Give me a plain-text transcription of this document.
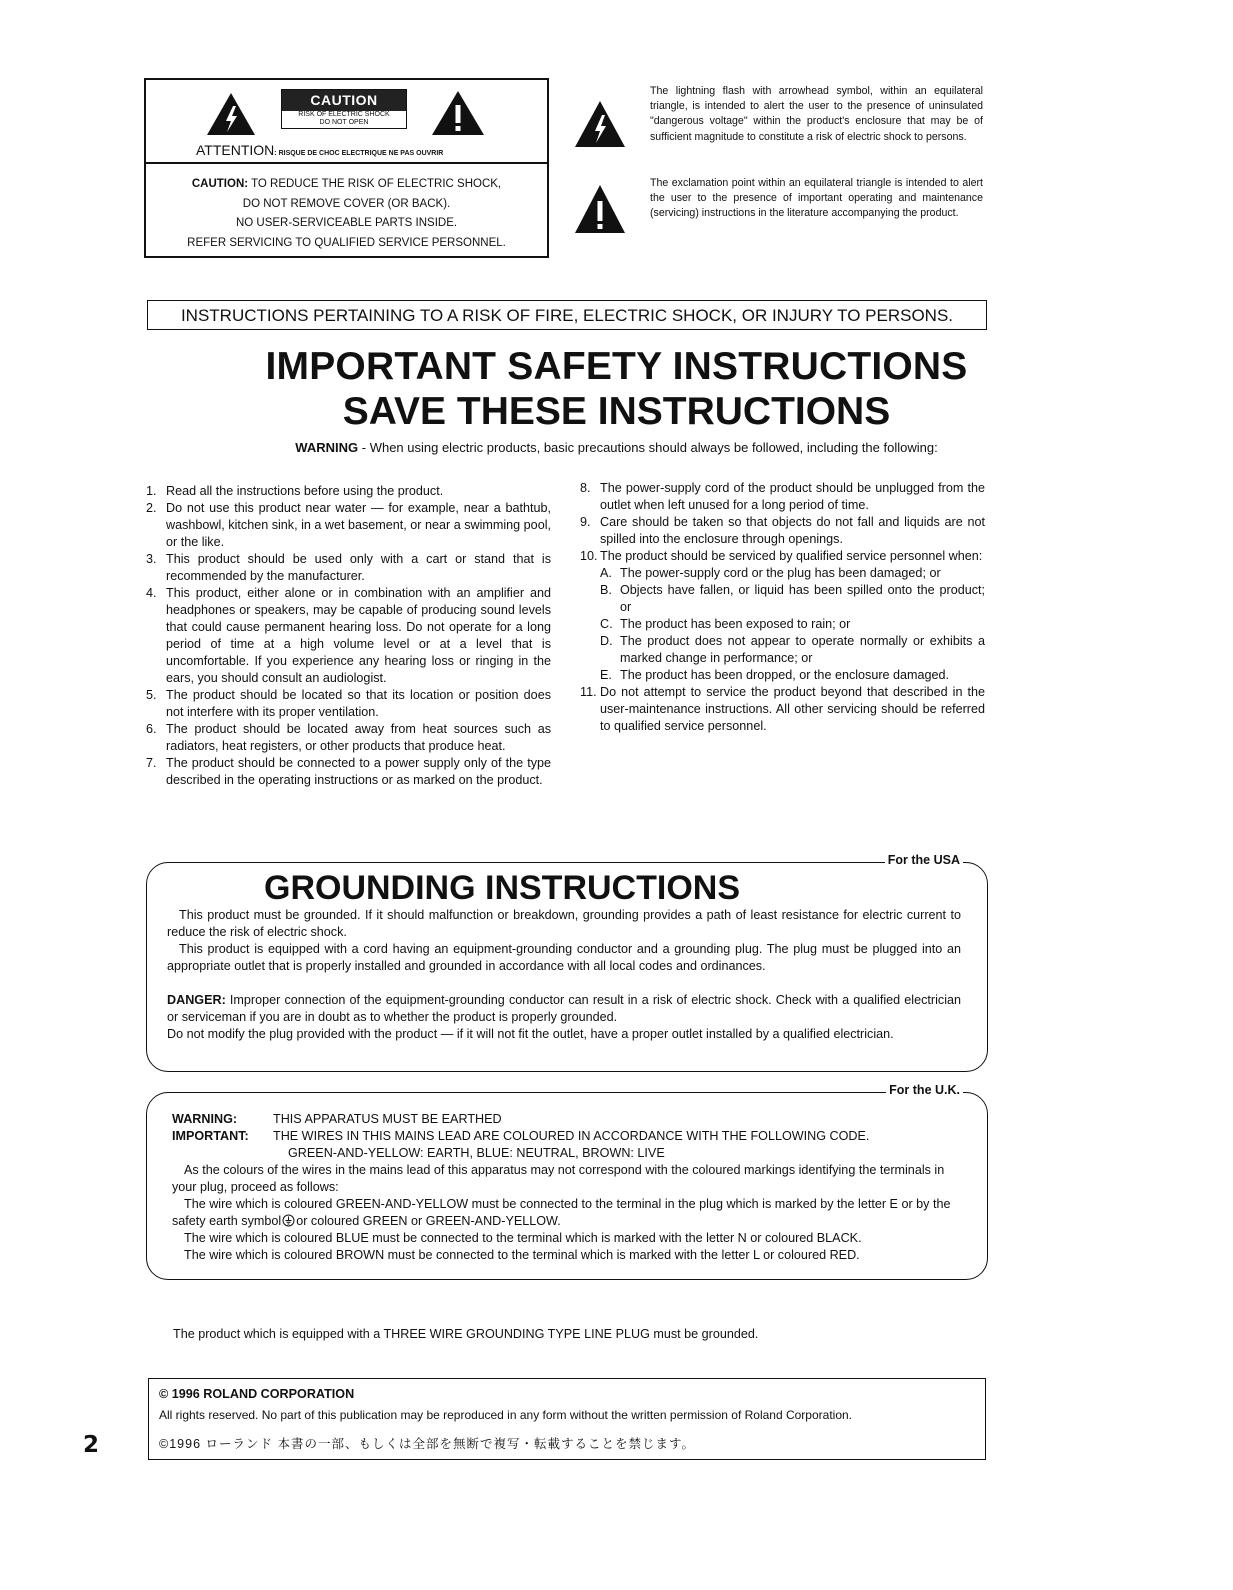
CAUTION
RISK OF ELECTRIC SHOCK
DO NOT OPEN
ATTENTION: RISQUE DE CHOC ELECTRIQUE NE PAS OUVRIR
CAUTION: TO REDUCE THE RISK OF ELECTRIC SHOCK,
DO NOT REMOVE COVER (OR BACK).
NO USER-SERVICEABLE PARTS INSIDE.
REFER SERVICING TO QUALIFIED SERVICE PERSONNEL.
The lightning flash with arrowhead symbol, within an equilateral triangle, is intended to alert the user to the presence of uninsulated "dangerous voltage" within the product's enclosure that may be of sufficient magnitude to constitute a risk of electric shock to persons.
The exclamation point within an equilateral triangle is intended to alert the user to the presence of important operating and maintenance (servicing) instructions in the literature accompanying the product.
INSTRUCTIONS PERTAINING TO A RISK OF FIRE, ELECTRIC SHOCK, OR INJURY TO PERSONS.
IMPORTANT SAFETY INSTRUCTIONS
SAVE THESE INSTRUCTIONS
WARNING - When using electric products, basic precautions should always be followed, including the following:
1. Read all the instructions before using the product.
2. Do not use this product near water — for example, near a bathtub, washbowl, kitchen sink, in a wet basement, or near a swimming pool, or the like.
3. This product should be used only with a cart or stand that is recommended by the manufacturer.
4. This product, either alone or in combination with an amplifier and headphones or speakers, may be capable of producing sound levels that could cause permanent hearing loss. Do not operate for a long period of time at a high volume level or at a level that is uncomfortable. If you experience any hearing loss or ringing in the ears, you should consult an audiologist.
5. The product should be located so that its location or position does not interfere with its proper ventilation.
6. The product should be located away from heat sources such as radiators, heat registers, or other products that produce heat.
7. The product should be connected to a power supply only of the type described in the operating instructions or as marked on the product.
8. The power-supply cord of the product should be unplugged from the outlet when left unused for a long period of time.
9. Care should be taken so that objects do not fall and liquids are not spilled into the enclosure through openings.
10. The product should be serviced by qualified service personnel when:
A. The power-supply cord or the plug has been damaged; or
B. Objects have fallen, or liquid has been spilled onto the product; or
C. The product has been exposed to rain; or
D. The product does not appear to operate normally or exhibits a marked change in performance; or
E. The product has been dropped, or the enclosure damaged.
11. Do not attempt to service the product beyond that described in the user-maintenance instructions. All other servicing should be referred to qualified service personnel.
For the USA
GROUNDING INSTRUCTIONS
This product must be grounded. If it should malfunction or breakdown, grounding provides a path of least resistance for electric current to reduce the risk of electric shock.
This product is equipped with a cord having an equipment-grounding conductor and a grounding plug. The plug must be plugged into an appropriate outlet that is properly installed and grounded in accordance with all local codes and ordinances.
DANGER: Improper connection of the equipment-grounding conductor can result in a risk of electric shock. Check with a qualified electrician or serviceman if you are in doubt as to whether the product is properly grounded.
Do not modify the plug provided with the product — if it will not fit the outlet, have a proper outlet installed by a qualified electrician.
For the U.K.
WARNING:	THIS APPARATUS MUST BE EARTHED
IMPORTANT:	THE WIRES IN THIS MAINS LEAD ARE COLOURED IN ACCORDANCE WITH THE FOLLOWING CODE.
GREEN-AND-YELLOW: EARTH, BLUE: NEUTRAL, BROWN: LIVE
As the colours of the wires in the mains lead of this apparatus may not correspond with the coloured markings identifying the terminals in your plug, proceed as follows:
The wire which is coloured GREEN-AND-YELLOW must be connected to the terminal in the plug which is marked by the letter E or by the safety earth symbol or coloured GREEN or GREEN-AND-YELLOW.
The wire which is coloured BLUE must be connected to the terminal which is marked with the letter N or coloured BLACK.
The wire which is coloured BROWN must be connected to the terminal which is marked with the letter L or coloured RED.
The product which is equipped with a THREE WIRE GROUNDING TYPE LINE PLUG must be grounded.
© 1996 ROLAND CORPORATION
All rights reserved. No part of this publication may be reproduced in any form without the written permission of Roland Corporation.
©1996 ローランド 本書の一部、もしくは全部を無断で複写・転載することを禁じます。
2
